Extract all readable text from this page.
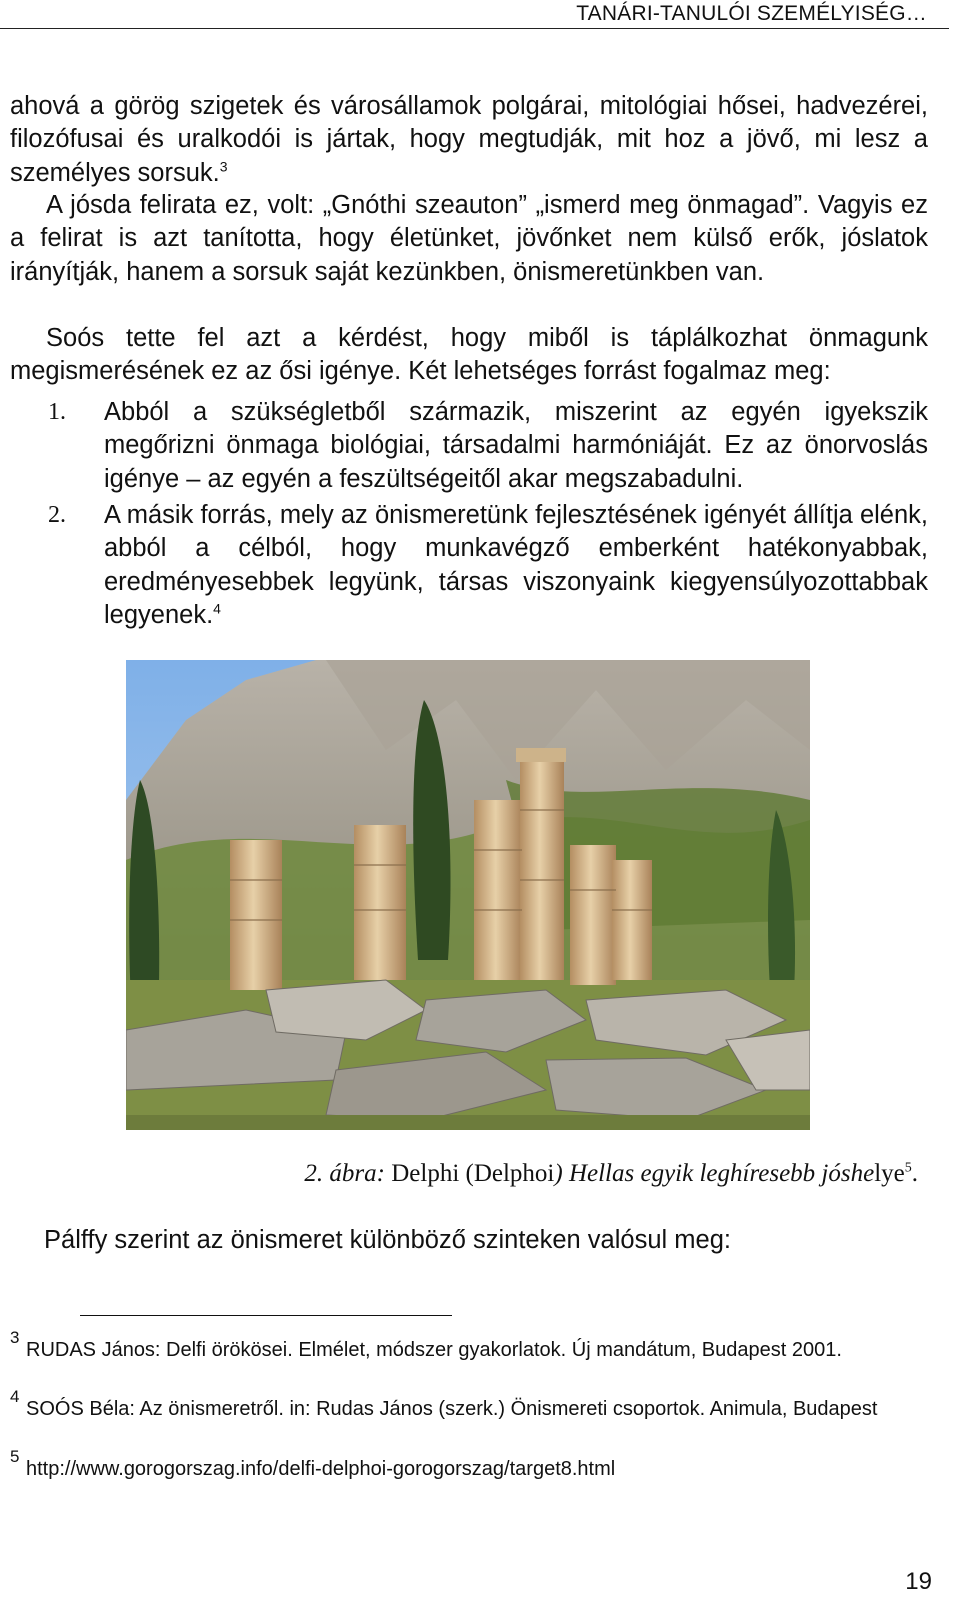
TANÁRI-TANULÓI SZEMÉLYISÉG…

ahová a görög szigetek és városállamok polgárai, mitológiai hősei, hadvezérei, filozófusai és uralkodói is jártak, hogy megtudják, mit hoz a jövő, mi lesz a személyes sorsuk.$^3$

A jósda felirata ez, volt: „Gnóthi szeauton” „ismerd meg önmagad”. Vagyis ez a felirat is azt tanította, hogy életünket, jövőnket nem külső erők, jóslatok irányítják, hanem a sorsuk saját kezünkben, önismeretünkben van.

Soós tette fel azt a kérdést, hogy miből is táplálkozhat önmagunk megismerésének ez az ősi igénye. Két lehetséges forrást fogalmaz meg:

1. Abból a szükségletből származik, miszerint az egyén igyekszik megőrizni önmaga biológiai, társadalmi harmóniáját. Ez az önorvoslás igénye – az egyén a feszültségeitől akar megszabadulni.
2. A másik forrás, mely az önismeretünk fejlesztésének igényét állítja elénk, abból a célból, hogy munkavégző emberként hatékonyabbak, eredményesebbek legyünk, társas viszonyaink kiegyensúlyozottabbak legyenek.$^4$
2. ábra: Delphi (Delphoi) Hellas egyik leghíresebb jóshelye$^5$.
Pálffy szerint az önismeret különböző szinteken valósul meg:
3
RUDAS János: Delfi örökösei. Elmélet, módszer gyakorlatok. Új mandátum, Budapest 2001.
4
SOÓS Béla: Az önismeretről. in: Rudas János (szerk.) Önismereti csoportok. Animula, Budapest
5
http://www.gorogorszag.info/delfi-delphoi-gorogorszag/target8.html
19
